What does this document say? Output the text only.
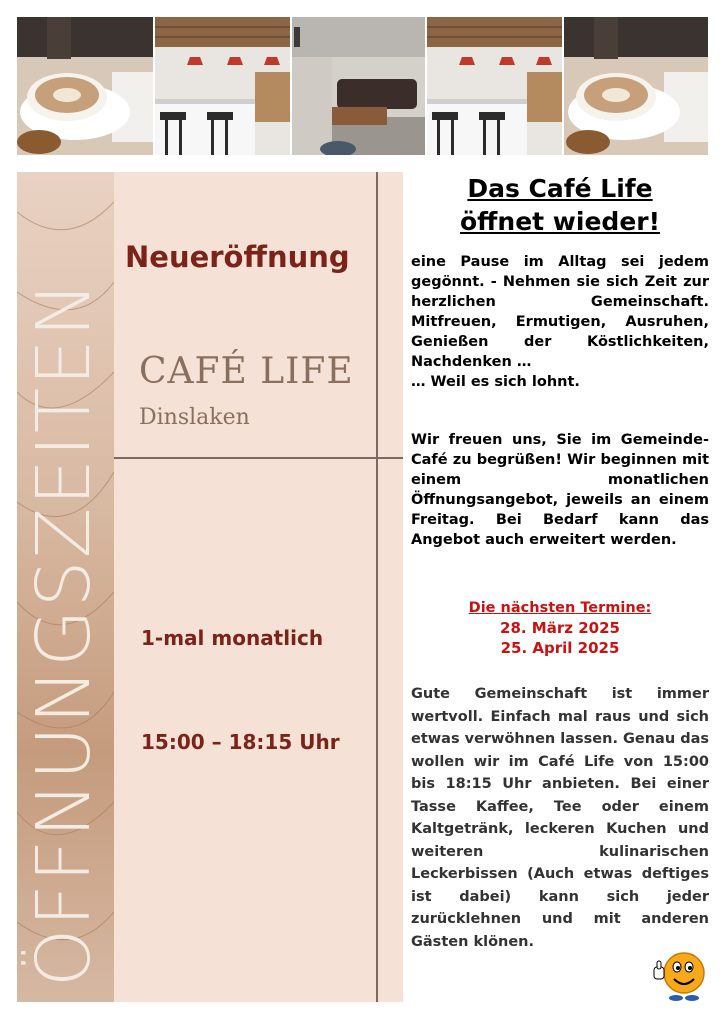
ÖFFNUNGSZEITEN
Neueröffnung
CAFÉ LIFE
Dinslaken
1-mal monatlich
15:00 – 18:15 Uhr
Das Café Life
öffnet wieder!

eine Pause im Alltag sei jedem gegönnt. - Nehmen sie sich Zeit zur herzlichen Gemeinschaft. Mitfreuen, Ermutigen, Ausruhen, Genießen der Köstlichkeiten, Nachdenken …

… Weil es sich lohnt.

Wir freuen uns, Sie im Gemeinde-Café zu begrüßen! Wir beginnen mit einem monatlichen Öffnungsangebot, jeweils an einem Freitag. Bei Bedarf kann das Angebot auch erweitert werden.
Die nächsten Termine:
28. März 2025
25. April 2025
Gute Gemeinschaft ist immer wertvoll. Einfach mal raus und sich etwas verwöhnen lassen. Genau das wollen wir im Café Life von 15:00 bis 18:15 Uhr anbieten. Bei einer Tasse Kaffee, Tee oder einem Kaltgetränk, leckeren Kuchen und weiteren kulinarischen Leckerbissen (Auch etwas deftiges ist dabei) kann sich jeder zurücklehnen und mit anderen Gästen klönen.
